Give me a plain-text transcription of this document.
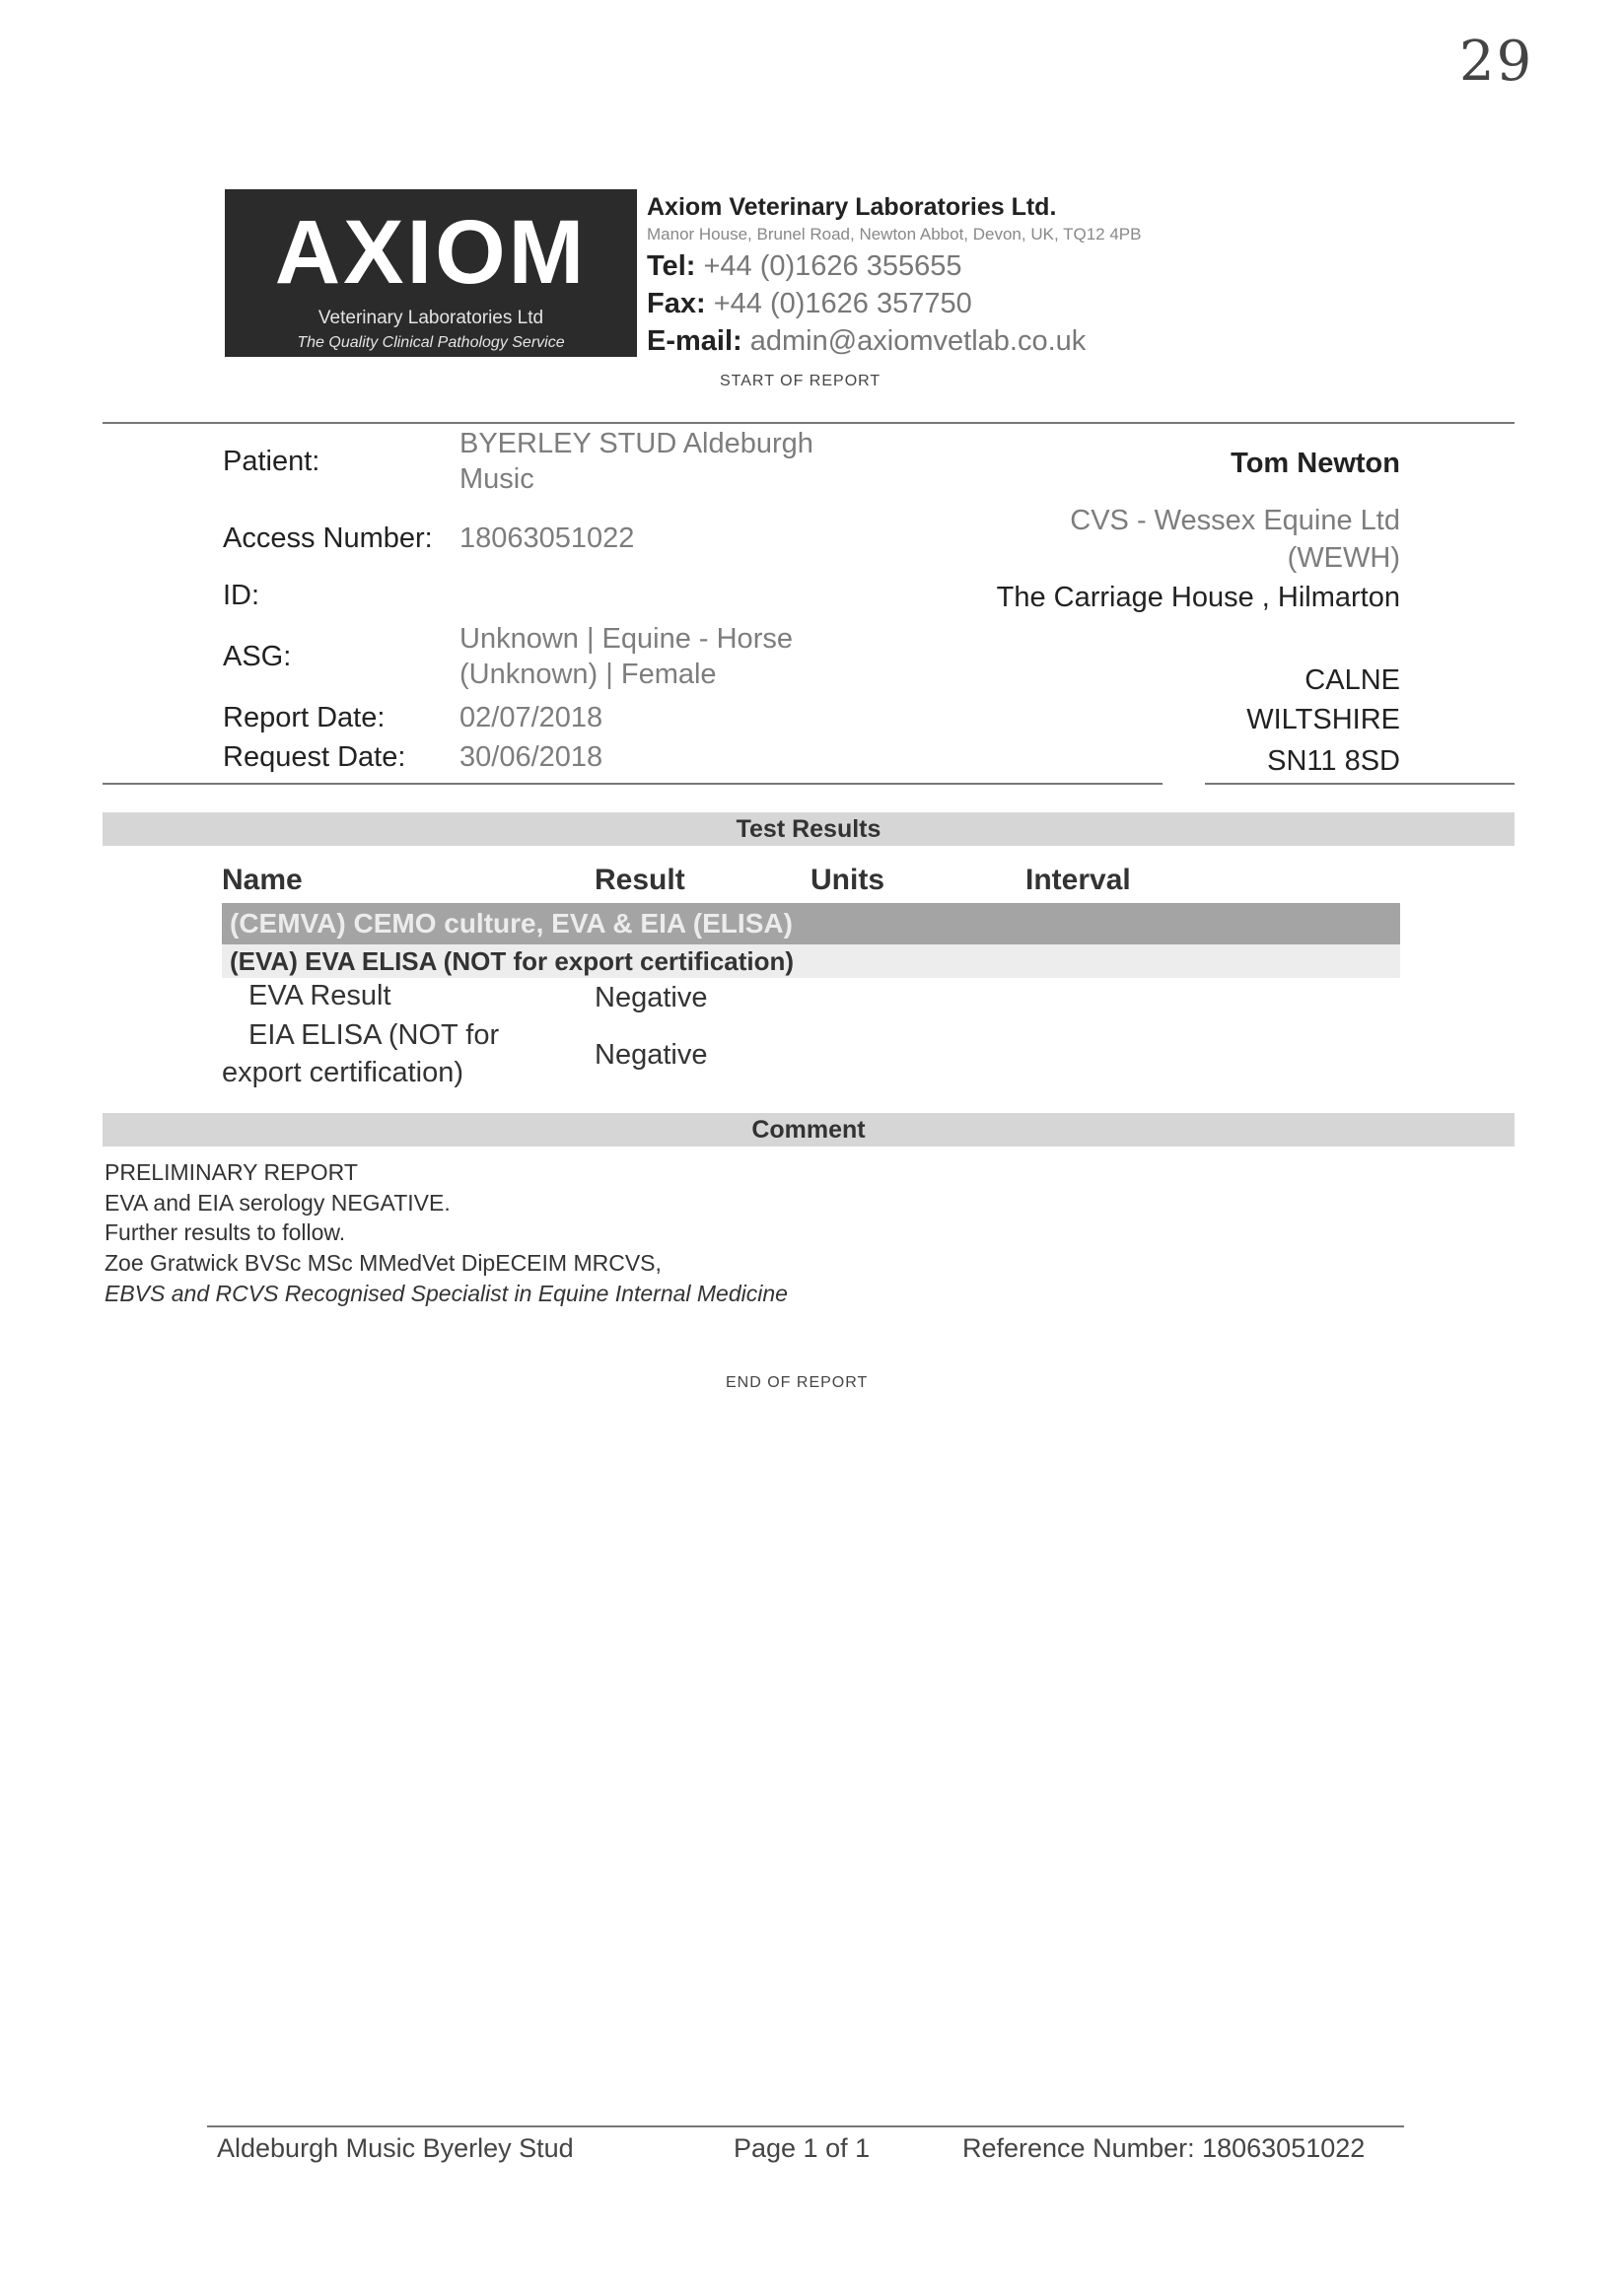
29
AXIOM
Veterinary Laboratories Ltd
The Quality Clinical Pathology Service
Axiom Veterinary Laboratories Ltd.
Manor House, Brunel Road, Newton Abbot, Devon, UK, TQ12 4PB
Tel: +44 (0)1626 355655
Fax: +44 (0)1626 357750
E-mail: admin@axiomvetlab.co.uk
START OF REPORT
Patient:
BYERLEY STUD Aldeburgh
Music
Access Number: 18063051022
ID:
ASG:
Unknown | Equine - Horse
(Unknown) | Female
Report Date:	02/07/2018
Request Date: 30/06/2018
Tom Newton
CVS - Wessex Equine Ltd
(WEWH)
The Carriage House , Hilmarton
CALNE
WILTSHIRE
SN11 8SD
Test Results
Name	Result	Units	Interval
(CEMVA) CEMO culture, EVA & EIA (ELISA)
(EVA) EVA ELISA (NOT for export certification)
EVA Result	Negative
EIA ELISA (NOT for
export certification)
Negative
Comment
PRELIMINARY REPORT
EVA and EIA serology NEGATIVE.
Further results to follow.
Zoe Gratwick BVSc MSc MMedVet DipECEIM MRCVS,
EBVS and RCVS Recognised Specialist in Equine Internal Medicine
END OF REPORT
Aldeburgh Music Byerley Stud	Page 1 of 1	Reference Number: 18063051022
